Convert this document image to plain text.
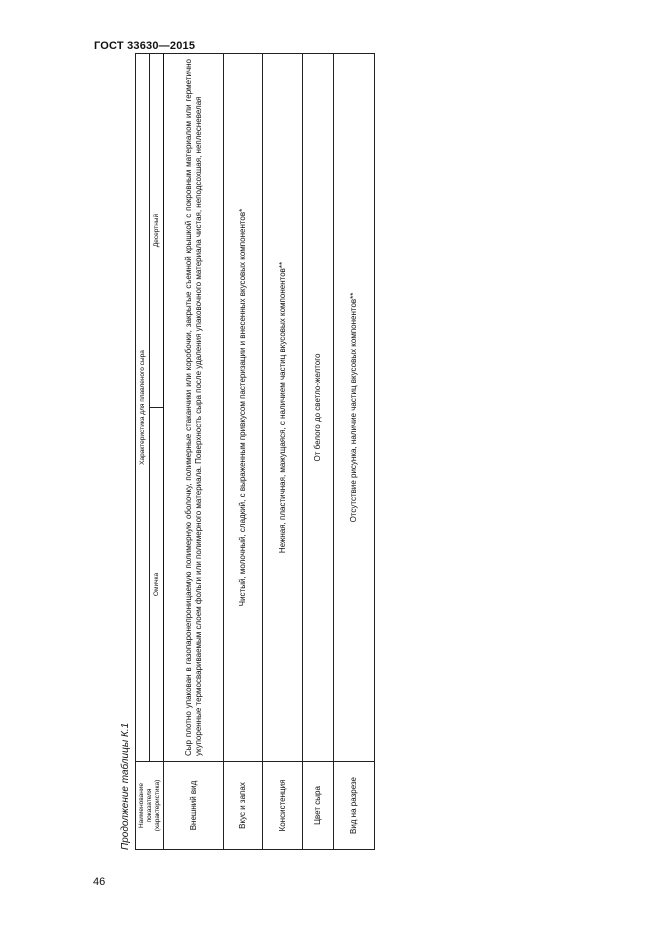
ГОСТ 33630—2015
Продолжение таблицы К.1 Наименование показателя (характеристика)	Характеристика для плавленого сыра	
	Омичка	Десертный
Внешний вид	Сыр плотно упакован в газопаронепроницаемую полимерную оболочку, полимерные стаканчики или коробочки, закрытые съемной крышкой с покровным материалом или герметично укупоренные термосвариваемым слоем фольги или полимерного материала. Поверхность сыра после удаления упаковочного материала чистая, неподсохшая, неплесневелая	
Вкус и запах	Чистый, молочный, сладкий, с выраженным привкусом пастеризации и внесенных вкусовых компонентов*	
Консистенция	Нежная, пластичная, мажущаяся, с наличием частиц вкусовых компонентов**	
Цвет сыра	От белого до светло-желтого	
Вид на разрезе	Отсутствие рисунка, наличие частиц вкусовых компонентов**	
46
